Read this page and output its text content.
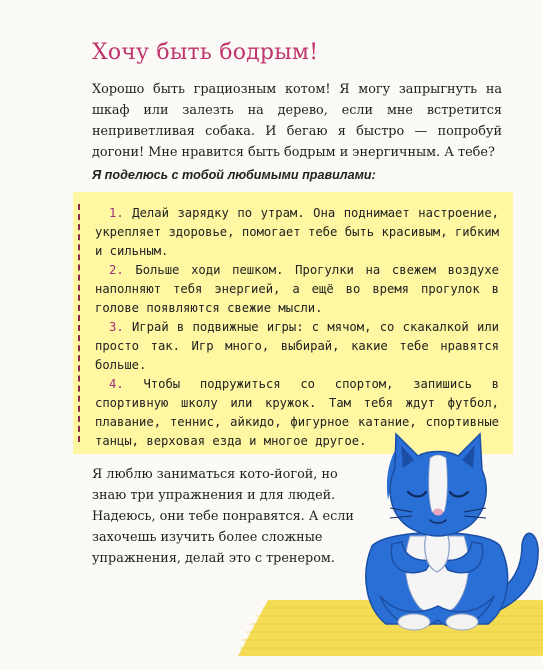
Хочу быть бодрым!
Хорошо быть грациозным котом! Я могу запрыгнуть на шкаф или залезть на дерево, если мне встретится неприветливая собака. И бегаю я быстро — попробуй догони! Мне нравится быть бодрым и энергичным. А тебе?
Я поделюсь с тобой любимыми правилами:
1. Делай зарядку по утрам. Она поднимает настроение, укрепляет здоровье, помогает тебе быть красивым, гибким и сильным.
2. Больше ходи пешком. Прогулки на свежем воздухе наполняют тебя энергией, а ещё во время прогулок в голове появляются свежие мысли.
3. Играй в подвижные игры: с мячом, со скакалкой или просто так. Игр много, выбирай, какие тебе нравятся больше.
4. Чтобы подружиться со спортом, запишись в спортивную школу или кружок. Там тебя ждут футбол, плавание, теннис, айкидо, фигурное катание, спортивные танцы, верховая езда и многое другое.
Я люблю заниматься кото-йогой, но знаю три упражнения и для людей. Надеюсь, они тебе понравятся. А если захочешь изучить более сложные упражнения, делай это с тренером.
